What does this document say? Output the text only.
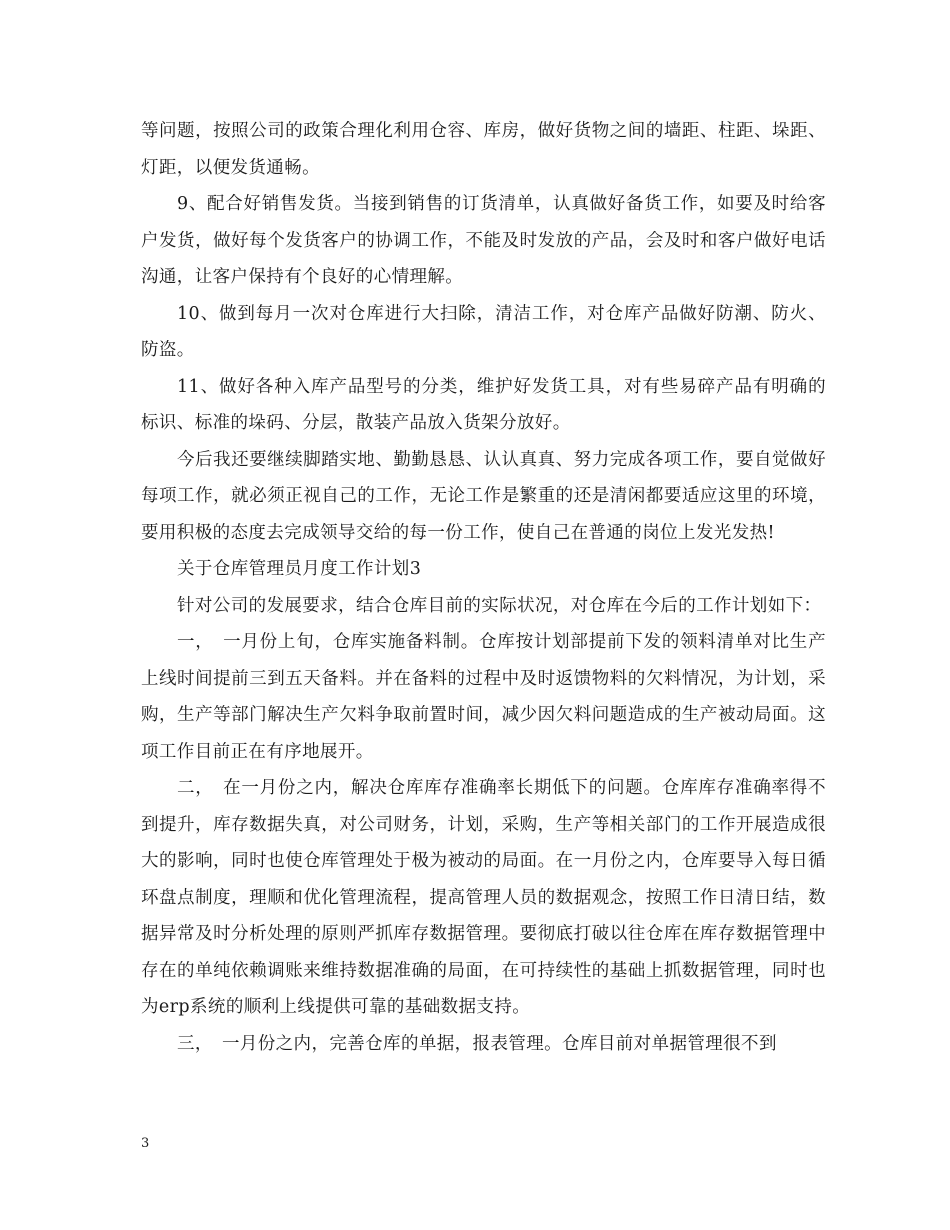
等问题，按照公司的政策合理化利用仓容、库房，做好货物之间的墙距、柱距、垛距、灯距，以便发货通畅。

9、配合好销售发货。当接到销售的订货清单，认真做好备货工作，如要及时给客户发货，做好每个发货客户的协调工作，不能及时发放的产品，会及时和客户做好电话沟通，让客户保持有个良好的心情理解。

10、做到每月一次对仓库进行大扫除，清洁工作，对仓库产品做好防潮、防火、防盗。

11、做好各种入库产品型号的分类，维护好发货工具，对有些易碎产品有明确的标识、标准的垛码、分层，散装产品放入货架分放好。

今后我还要继续脚踏实地、勤勤恳恳、认认真真、努力完成各项工作，要自觉做好每项工作，就必须正视自己的工作，无论工作是繁重的还是清闲都要适应这里的环境，要用积极的态度去完成领导交给的每一份工作，使自己在普通的岗位上发光发热!

关于仓库管理员月度工作计划3

针对公司的发展要求，结合仓库目前的实际状况，对仓库在今后的工作计划如下：

一，　一月份上旬，仓库实施备料制。仓库按计划部提前下发的领料清单对比生产上线时间提前三到五天备料。并在备料的过程中及时返馈物料的欠料情况，为计划，采购，生产等部门解决生产欠料争取前置时间，减少因欠料问题造成的生产被动局面。这项工作目前正在有序地展开。

二，　在一月份之内，解决仓库库存准确率长期低下的问题。仓库库存准确率得不到提升，库存数据失真，对公司财务，计划，采购，生产等相关部门的工作开展造成很大的影响，同时也使仓库管理处于极为被动的局面。在一月份之内，仓库要导入每日循环盘点制度，理顺和优化管理流程，提高管理人员的数据观念，按照工作日清日结，数据异常及时分析处理的原则严抓库存数据管理。要彻底打破以往仓库在库存数据管理中存在的单纯依赖调账来维持数据准确的局面，在可持续性的基础上抓数据管理，同时也为erp系统的顺利上线提供可靠的基础数据支持。

三，　一月份之内，完善仓库的单据，报表管理。仓库目前对单据管理很不到

3
